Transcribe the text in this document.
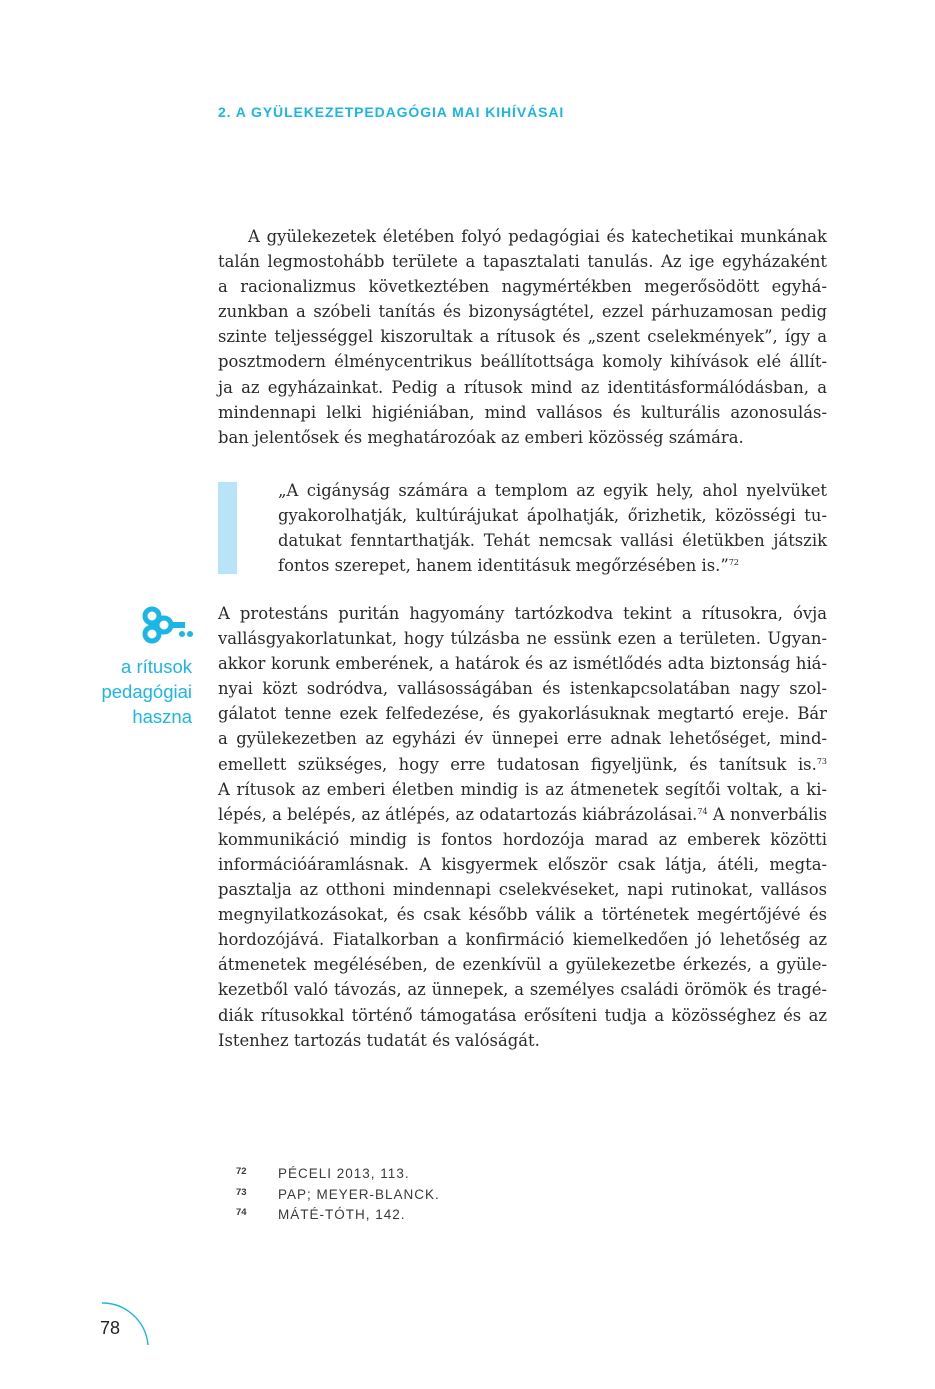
2. A GYÜLEKEZETPEDAGÓGIA MAI KIHÍVÁSAI
A gyülekezetek életében folyó pedagógiai és katechetikai munkának
talán legmostohább területe a tapasztalati tanulás. Az ige egyházaként
a racionalizmus következtében nagymértékben megerősödött egyhá-
zunkban a szóbeli tanítás és bizonyságtétel, ezzel párhuzamosan pedig
szinte teljességgel kiszorultak a rítusok és „szent cselekmények”, így a
posztmodern élménycentrikus beállítottsága komoly kihívások elé állít-
ja az egyházainkat. Pedig a rítusok mind az identitásformálódásban, a
mindennapi lelki higiéniában, mind vallásos és kulturális azonosulás-
ban jelentősek és meghatározóak az emberi közösség számára.
„A cigányság számára a templom az egyik hely, ahol nyelvüket
gyakorolhatják, kultúrájukat ápolhatják, őrizhetik, közösségi tu-
datukat fenntarthatják. Tehát nemcsak vallási életükben játszik
fontos szerepet, hanem identitásuk megőrzésében is.”$^{72}$
a rítusok
pedagógiai
haszna
A protestáns puritán hagyomány tartózkodva tekint a rítusokra, óvja
vallásgyakorlatunkat, hogy túlzásba ne essünk ezen a területen. Ugyan-
akkor korunk emberének, a határok és az ismétlődés adta biztonság hiá-
nyai közt sodródva, vallásosságában és istenkapcsolatában nagy szol-
gálatot tenne ezek felfedezése, és gyakorlásuknak megtartó ereje. Bár
a gyülekezetben az egyházi év ünnepei erre adnak lehetőséget, mind-
emellett szükséges, hogy erre tudatosan figyeljünk, és tanítsuk is.$^{73}$
A rítusok az emberi életben mindig is az átmenetek segítői voltak, a ki-
lépés, a belépés, az átlépés, az odatartozás kiábrázolásai.$^{74}$ A nonverbális
kommunikáció mindig is fontos hordozója marad az emberek közötti
információáramlásnak. A kisgyermek először csak látja, átéli, megta-
pasztalja az otthoni mindennapi cselekvéseket, napi rutinokat, vallásos
megnyilatkozásokat, és csak később válik a történetek megértőjévé és
hordozójává. Fiatalkorban a konfirmáció kiemelkedően jó lehetőség az
átmenetek megélésében, de ezenkívül a gyülekezetbe érkezés, a gyüle-
kezetből való távozás, az ünnepek, a személyes családi örömök és tragé-
diák rítusokkal történő támogatása erősíteni tudja a közösséghez és az
Istenhez tartozás tudatát és valóságát.
72	PÉCELI 2013, 113.
73	PAP; MEYER-BLANCK.
74	MÁTÉ-TÓTH, 142.
78
